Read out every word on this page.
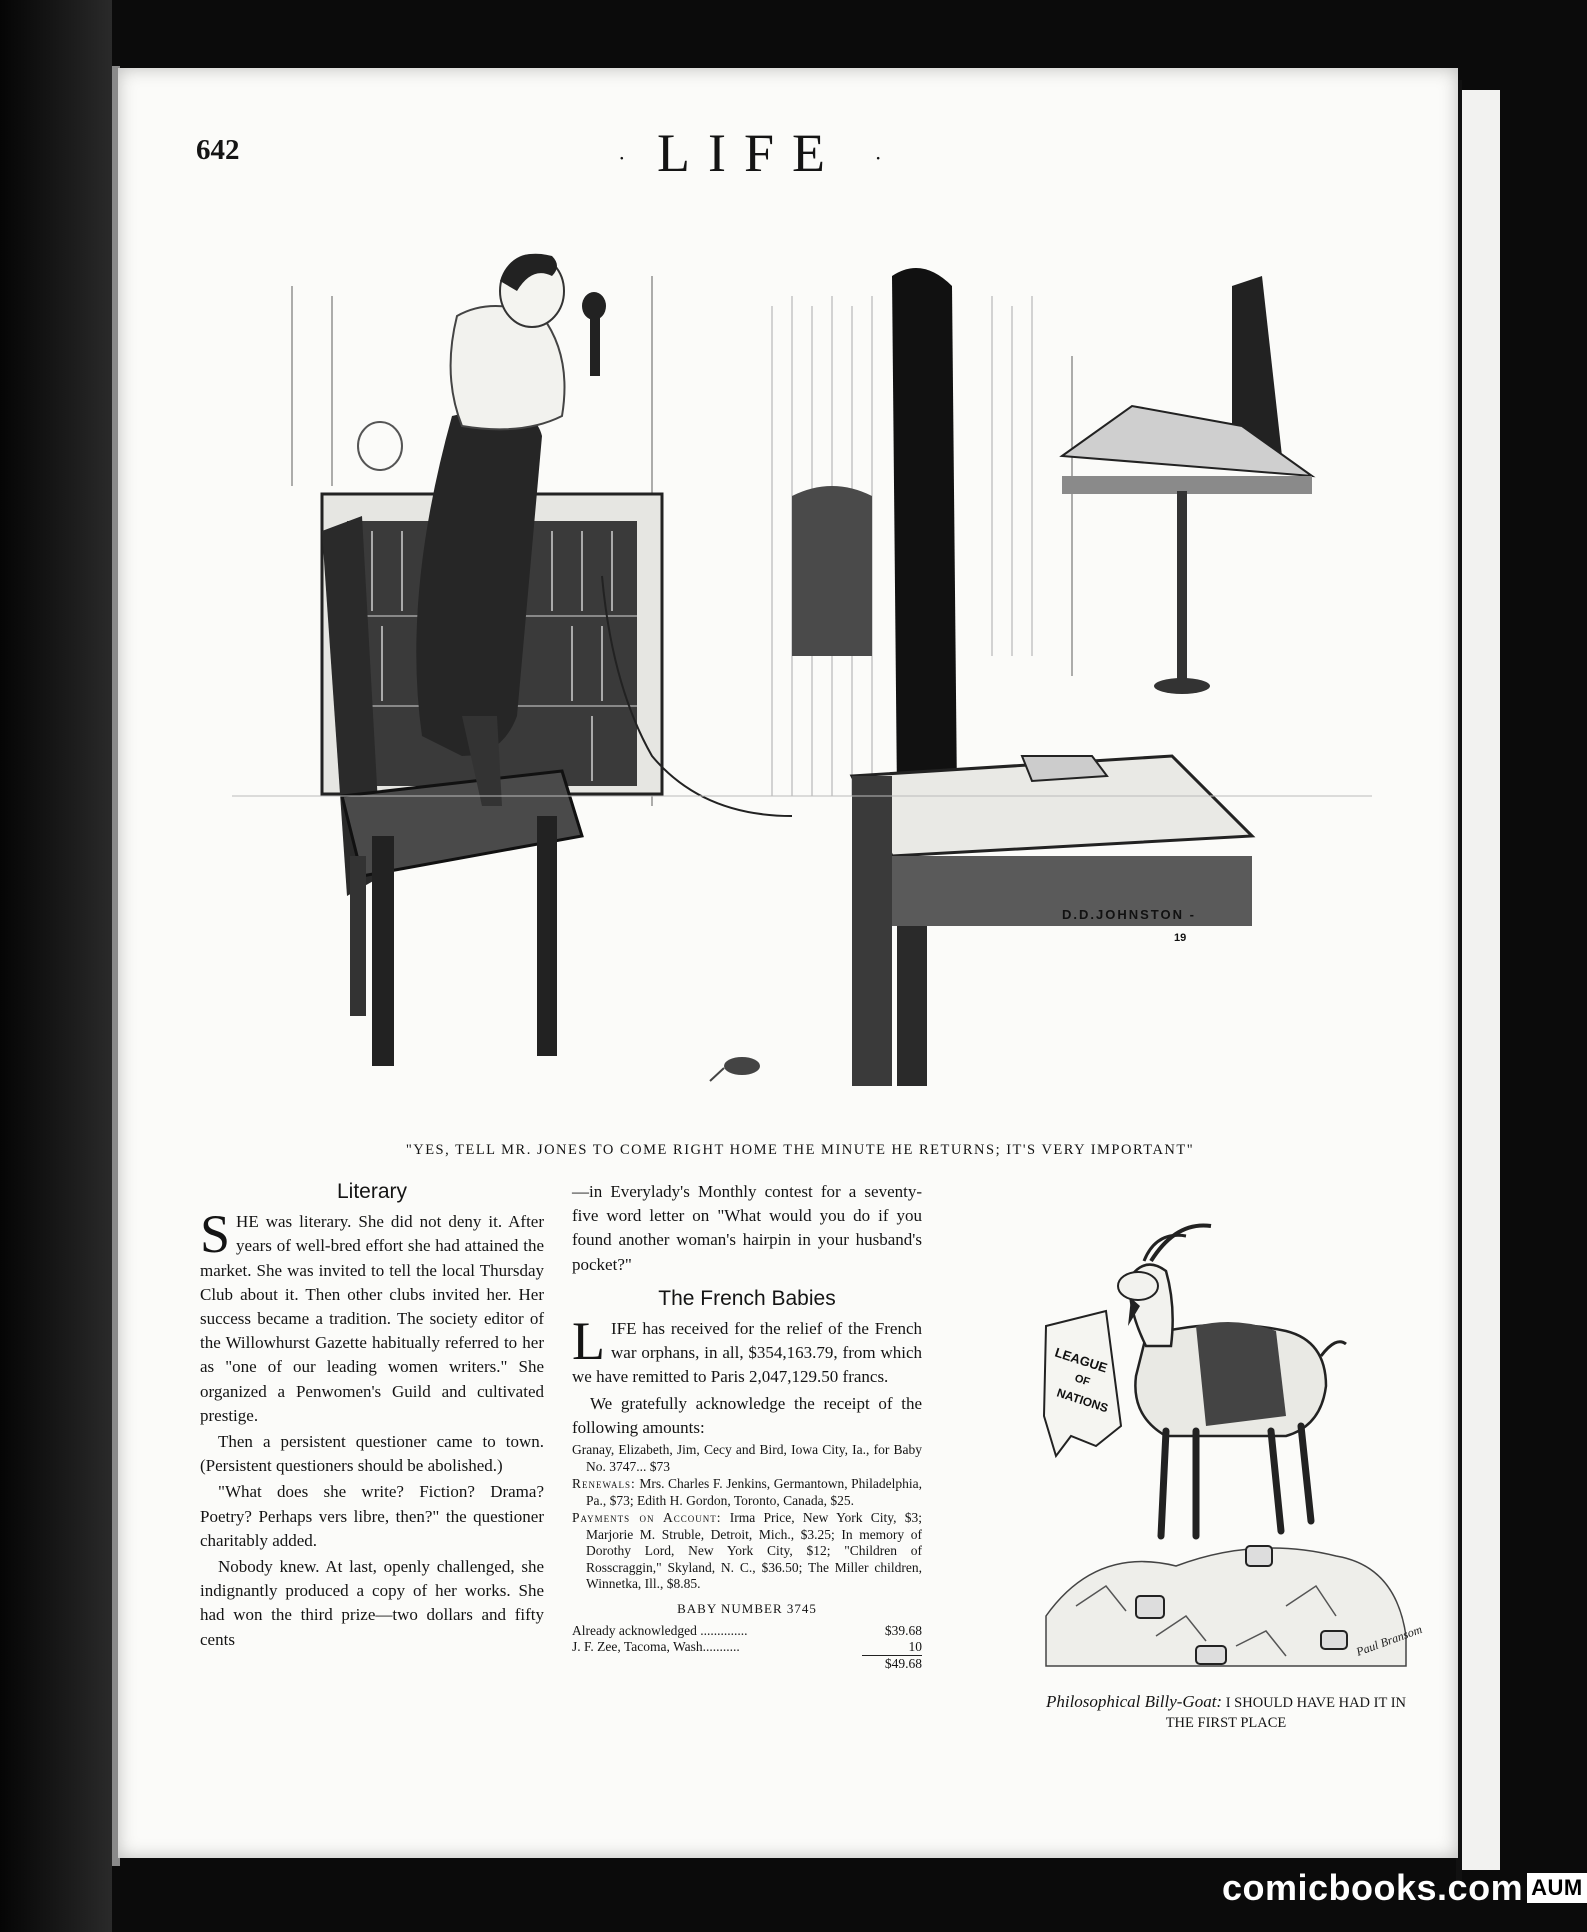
642	· LIFE ·
D.D.JOHNSTON -
19
"YES, TELL MR. JONES TO COME RIGHT HOME THE MINUTE HE RETURNS; IT'S VERY IMPORTANT"
Literary

SHE was literary. She did not deny it. After years of well-bred effort she had attained the market. She was invited to tell the local Thursday Club about it. Then other clubs invited her. Her success became a tradition. The society editor of the Willowhurst Gazette habitually referred to her as "one of our leading women writers." She organized a Penwomen's Guild and cultivated prestige.

Then a persistent questioner came to town. (Persistent questioners should be abolished.)

"What does she write? Fiction? Drama? Poetry? Perhaps vers libre, then?" the questioner charitably added.

Nobody knew. At last, openly challenged, she indignantly produced a copy of her works. She had won the third prize—two dollars and fifty cents

—in Everylady's Monthly contest for a seventy-five word letter on "What would you do if you found another woman's hairpin in your husband's pocket?"

The French Babies

LIFE has received for the relief of the French war orphans, in all, $354,163.79, from which we have remitted to Paris 2,047,129.50 francs.

We gratefully acknowledge the receipt of the following amounts:

Granay, Elizabeth, Jim, Cecy and Bird, Iowa City, Ia., for Baby No. 3747... $73
Renewals: Mrs. Charles F. Jenkins, Germantown, Philadelphia, Pa., $73; Edith H. Gordon, Toronto, Canada, $25.
Payments on Account: Irma Price, New York City, $3; Marjorie M. Struble, Detroit, Mich., $3.25; In memory of Dorothy Lord, New York City, $12; "Children of Rosscraggin," Skyland, N. C., $36.50; The Miller children, Winnetka, Ill., $8.85.
BABY NUMBER 3745
Already acknowledged ..............	$39.68
J. F. Zee, Tacoma, Wash...........	10
$49.68
LEAGUE
OF
NATIONS
Paul Bransom
Philosophical Billy-Goat: I SHOULD HAVE HAD IT IN THE FIRST PLACE
comicbooks.com AUM
